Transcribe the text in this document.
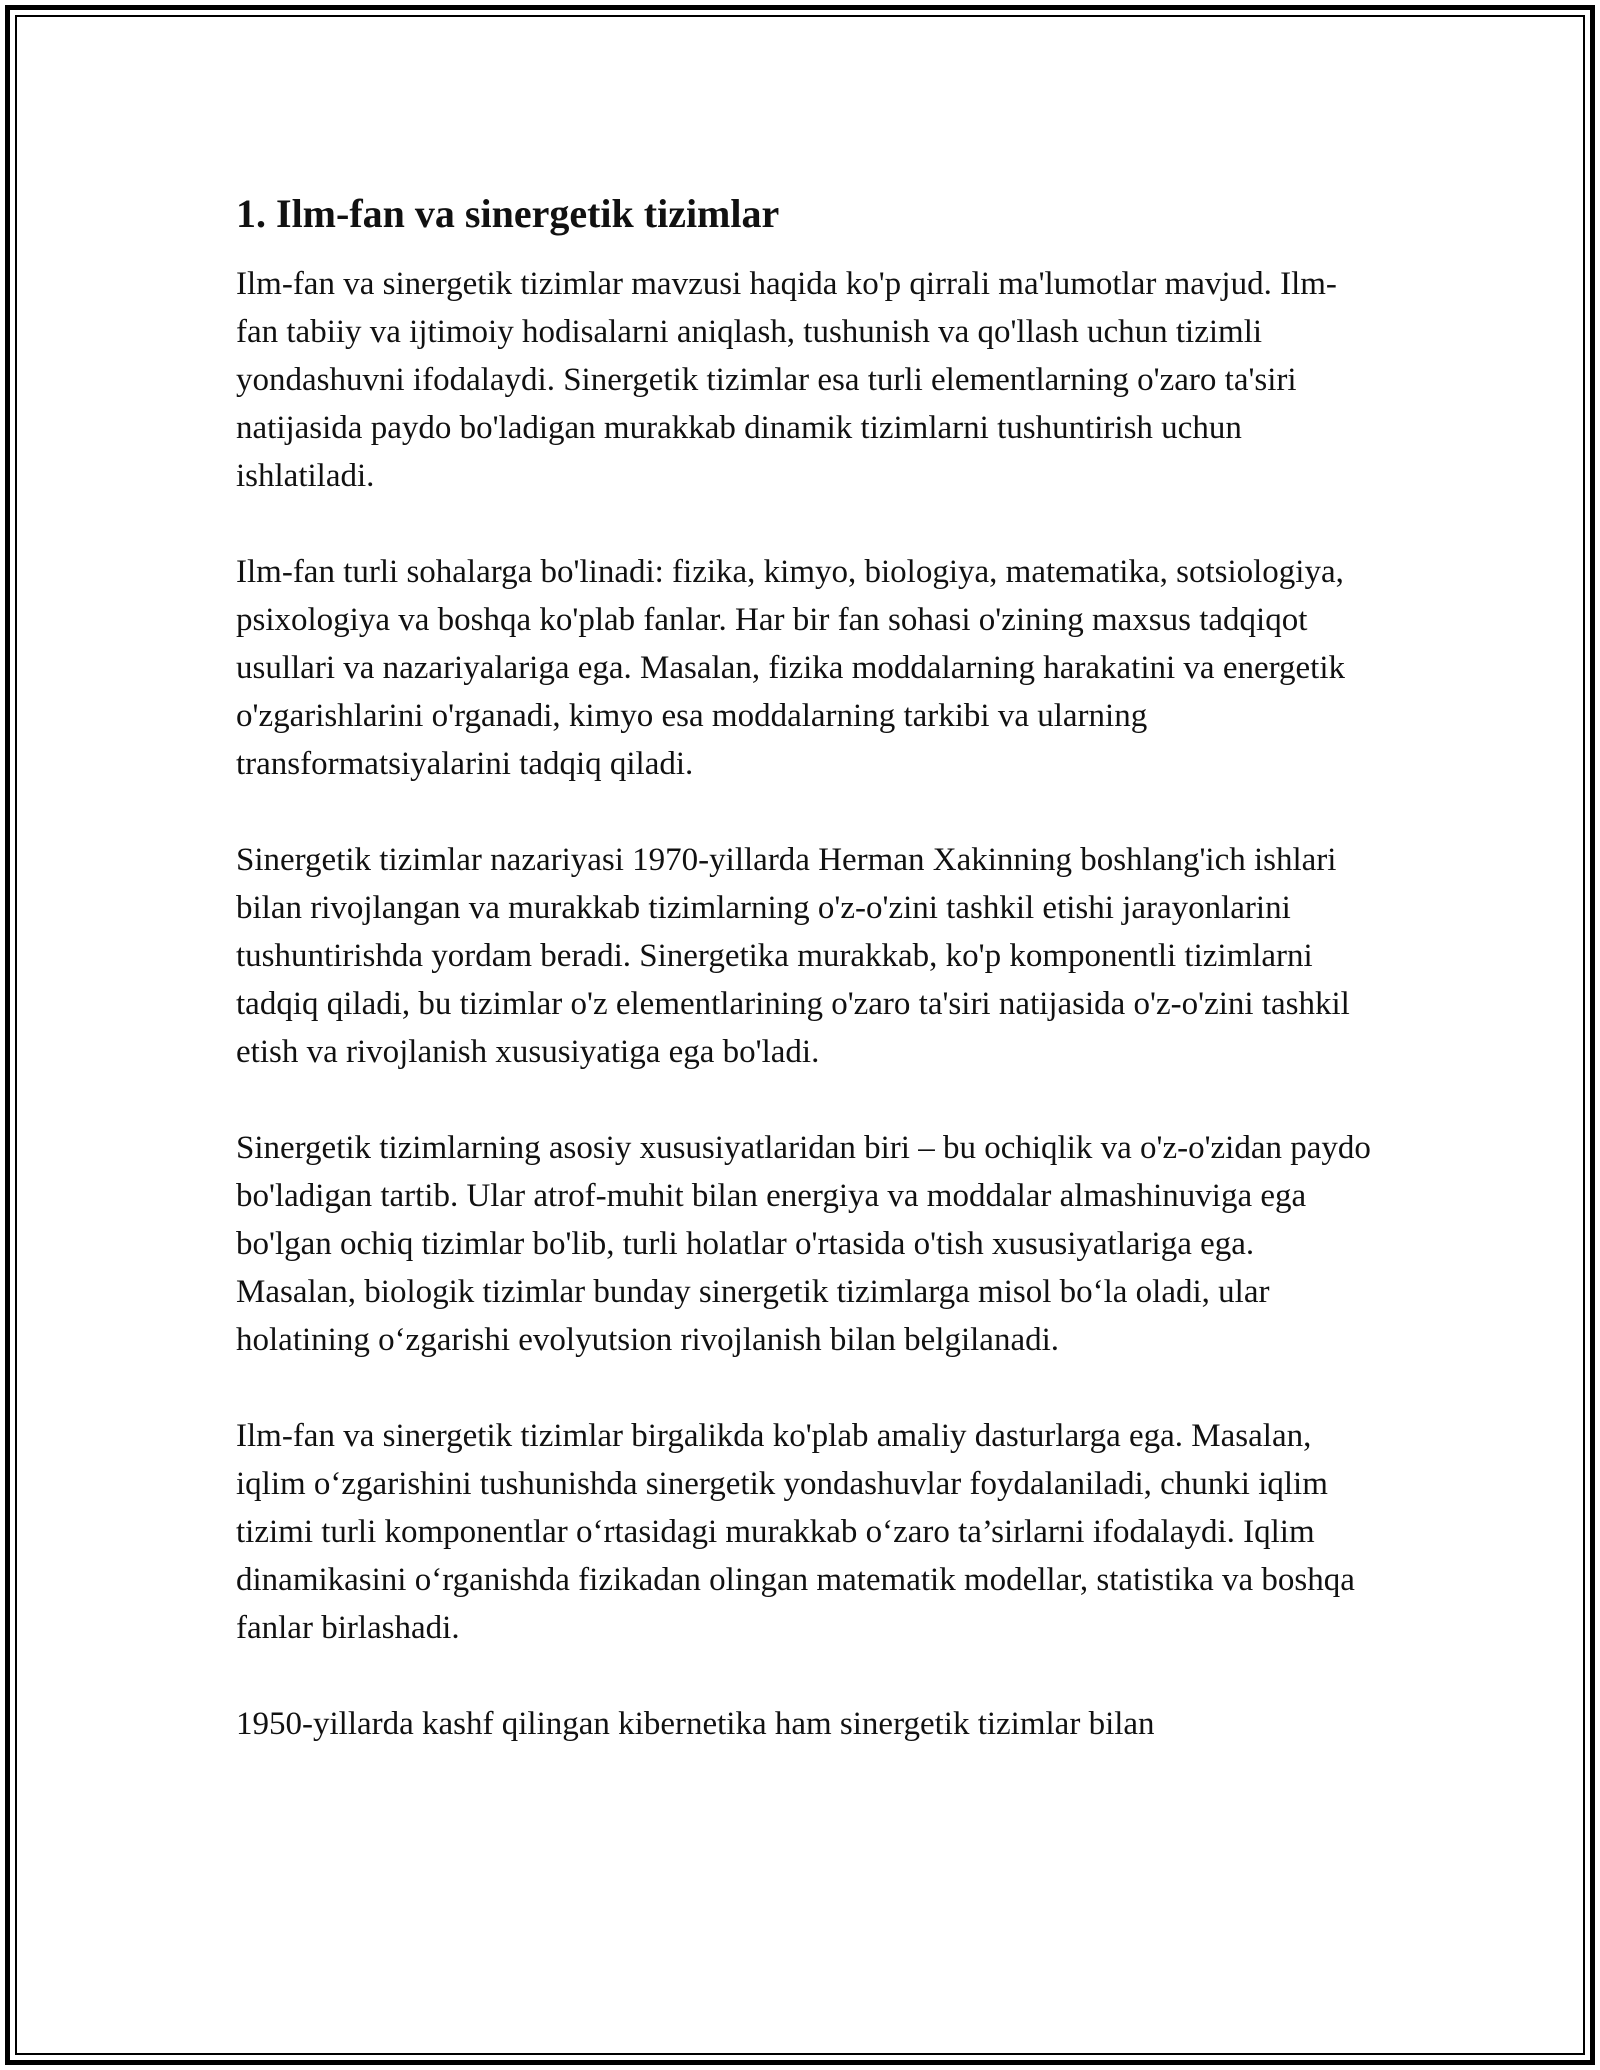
1. Ilm-fan va sinergetik tizimlar

Ilm-fan va sinergetik tizimlar mavzusi haqida ko'p qirrali ma'lumotlar mavjud. Ilm-fan tabiiy va ijtimoiy hodisalarni aniqlash, tushunish va qo'llash uchun tizimli yondashuvni ifodalaydi. Sinergetik tizimlar esa turli elementlarning o'zaro ta'siri natijasida paydo bo'ladigan murakkab dinamik tizimlarni tushuntirish uchun ishlatiladi.

Ilm-fan turli sohalarga bo'linadi: fizika, kimyo, biologiya, matematika, sotsiologiya, psixologiya va boshqa ko'plab fanlar. Har bir fan sohasi o'zining maxsus tadqiqot usullari va nazariyalariga ega. Masalan, fizika moddalarning harakatini va energetik o'zgarishlarini o'rganadi, kimyo esa moddalarning tarkibi va ularning transformatsiyalarini tadqiq qiladi.

Sinergetik tizimlar nazariyasi 1970-yillarda Herman Xakinning boshlang'ich ishlari bilan rivojlangan va murakkab tizimlarning o'z-o'zini tashkil etishi jarayonlarini tushuntirishda yordam beradi. Sinergetika murakkab, ko'p komponentli tizimlarni tadqiq qiladi, bu tizimlar o'z elementlarining o'zaro ta'siri natijasida o'z-o'zini tashkil etish va rivojlanish xususiyatiga ega bo'ladi.

Sinergetik tizimlarning asosiy xususiyatlaridan biri – bu ochiqlik va o'z-o'zidan paydo bo'ladigan tartib. Ular atrof-muhit bilan energiya va moddalar almashinuviga ega bo'lgan ochiq tizimlar bo'lib, turli holatlar o'rtasida o'tish xususiyatlariga ega. Masalan, biologik tizimlar bunday sinergetik tizimlarga misol bo‘la oladi, ular holatining o‘zgarishi evolyutsion rivojlanish bilan belgilanadi.

Ilm-fan va sinergetik tizimlar birgalikda ko'plab amaliy dasturlarga ega. Masalan, iqlim o‘zgarishini tushunishda sinergetik yondashuvlar foydalaniladi, chunki iqlim tizimi turli komponentlar o‘rtasidagi murakkab o‘zaro ta’sirlarni ifodalaydi. Iqlim dinamikasini o‘rganishda fizikadan olingan matematik modellar, statistika va boshqa fanlar birlashadi.

1950-yillarda kashf qilingan kibernetika ham sinergetik tizimlar bilan
